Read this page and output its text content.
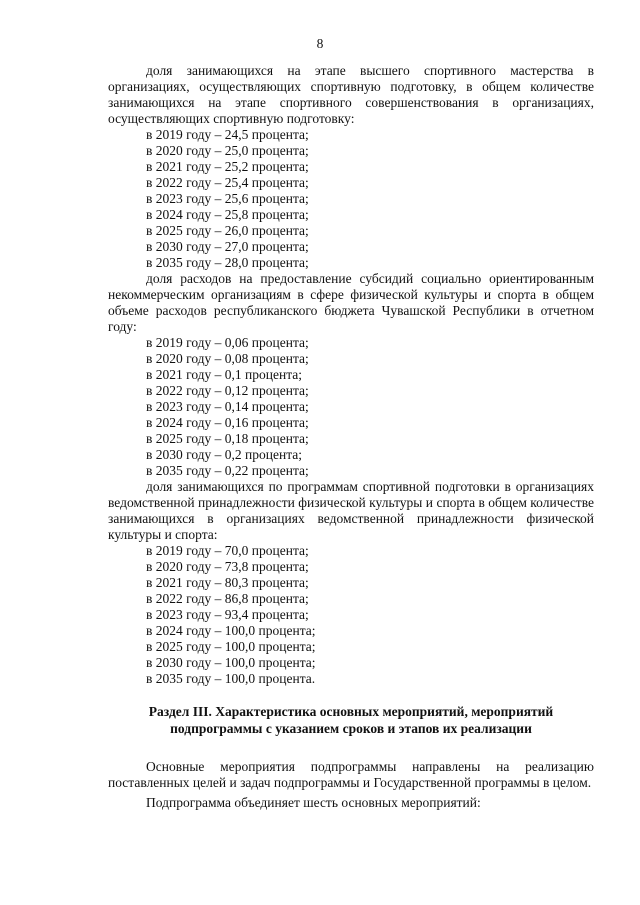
8

доля занимающихся на этапе высшего спортивного мастерства в организациях, осуществляющих спортивную подготовку, в общем количестве занимающихся на этапе спортивного совершенствования в организациях, осуществляющих спортивную подготовку:

в 2019 году – 24,5 процента;

в 2020 году – 25,0 процента;

в 2021 году – 25,2 процента;

в 2022 году – 25,4 процента;

в 2023 году – 25,6 процента;

в 2024 году – 25,8 процента;

в 2025 году – 26,0 процента;

в 2030 году – 27,0 процента;

в 2035 году – 28,0 процента;

доля расходов на предоставление субсидий социально ориентированным некоммерческим организациям в сфере физической культуры и спорта в общем объеме расходов республиканского бюджета Чувашской Республики в отчетном году:

в 2019 году – 0,06 процента;

в 2020 году – 0,08 процента;

в 2021 году – 0,1 процента;

в 2022 году – 0,12 процента;

в 2023 году – 0,14 процента;

в 2024 году – 0,16 процента;

в 2025 году – 0,18 процента;

в 2030 году – 0,2 процента;

в 2035 году – 0,22 процента;

доля занимающихся по программам спортивной подготовки в организациях ведомственной принадлежности физической культуры и спорта в общем количестве занимающихся в организациях ведомственной принадлежности физической культуры и спорта:

в 2019 году – 70,0 процента;

в 2020 году – 73,8 процента;

в 2021 году – 80,3 процента;

в 2022 году – 86,8 процента;

в 2023 году – 93,4 процента;

в 2024 году – 100,0 процента;

в 2025 году – 100,0 процента;

в 2030 году – 100,0 процента;

в 2035 году – 100,0 процента.

Раздел III. Характеристика основных мероприятий, мероприятий
подпрограммы с указанием сроков и этапов их реализации

Основные мероприятия подпрограммы направлены на реализацию поставленных целей и задач подпрограммы и Государственной программы в целом.

Подпрограмма объединяет шесть основных мероприятий:
